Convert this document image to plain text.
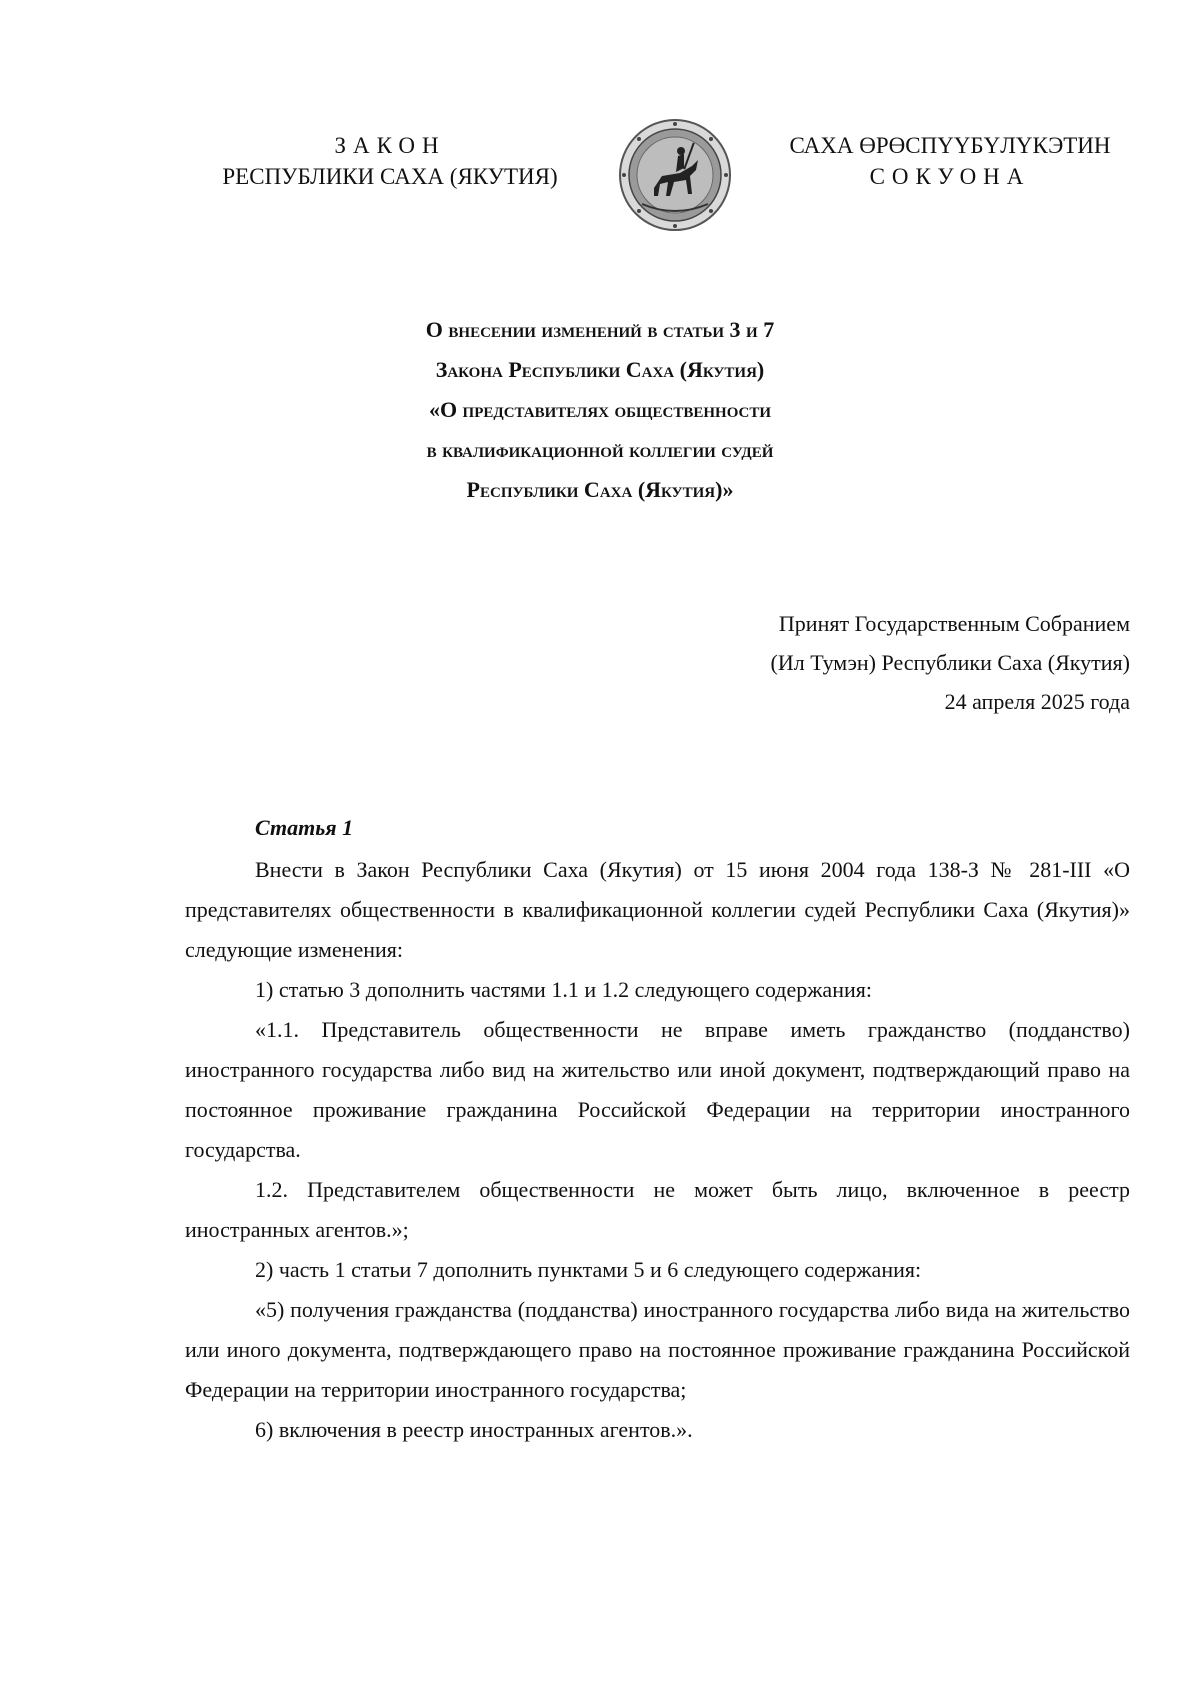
ЗАКОН
РЕСПУБЛИКИ САХА (ЯКУТИЯ)
САХА ӨРӨСПҮҮБҮЛҮКЭТИН
СОКУОНА
О внесении изменений в статьи 3 и 7
Закона Республики Саха (Якутия)
«О представителях общественности
в квалификационной коллегии судей
Республики Саха (Якутия)»
Принят Государственным Собранием
(Ил Тумэн) Республики Саха (Якутия)
24 апреля 2025 года
Статья 1

Внести в Закон Республики Саха (Якутия) от 15 июня 2004 года 138-З № 281-III «О представителях общественности в квалификационной коллегии судей Республики Саха (Якутия)» следующие изменения:

1) статью 3 дополнить частями 1.1 и 1.2 следующего содержания:

«1.1. Представитель общественности не вправе иметь гражданство (подданство) иностранного государства либо вид на жительство или иной документ, подтверждающий право на постоянное проживание гражданина Российской Федерации на территории иностранного государства.

1.2. Представителем общественности не может быть лицо, включенное в реестр иностранных агентов.»;

2) часть 1 статьи 7 дополнить пунктами 5 и 6 следующего содержания:

«5) получения гражданства (подданства) иностранного государства либо вида на жительство или иного документа, подтверждающего право на постоянное проживание гражданина Российской Федерации на территории иностранного государства;

6) включения в реестр иностранных агентов.».
